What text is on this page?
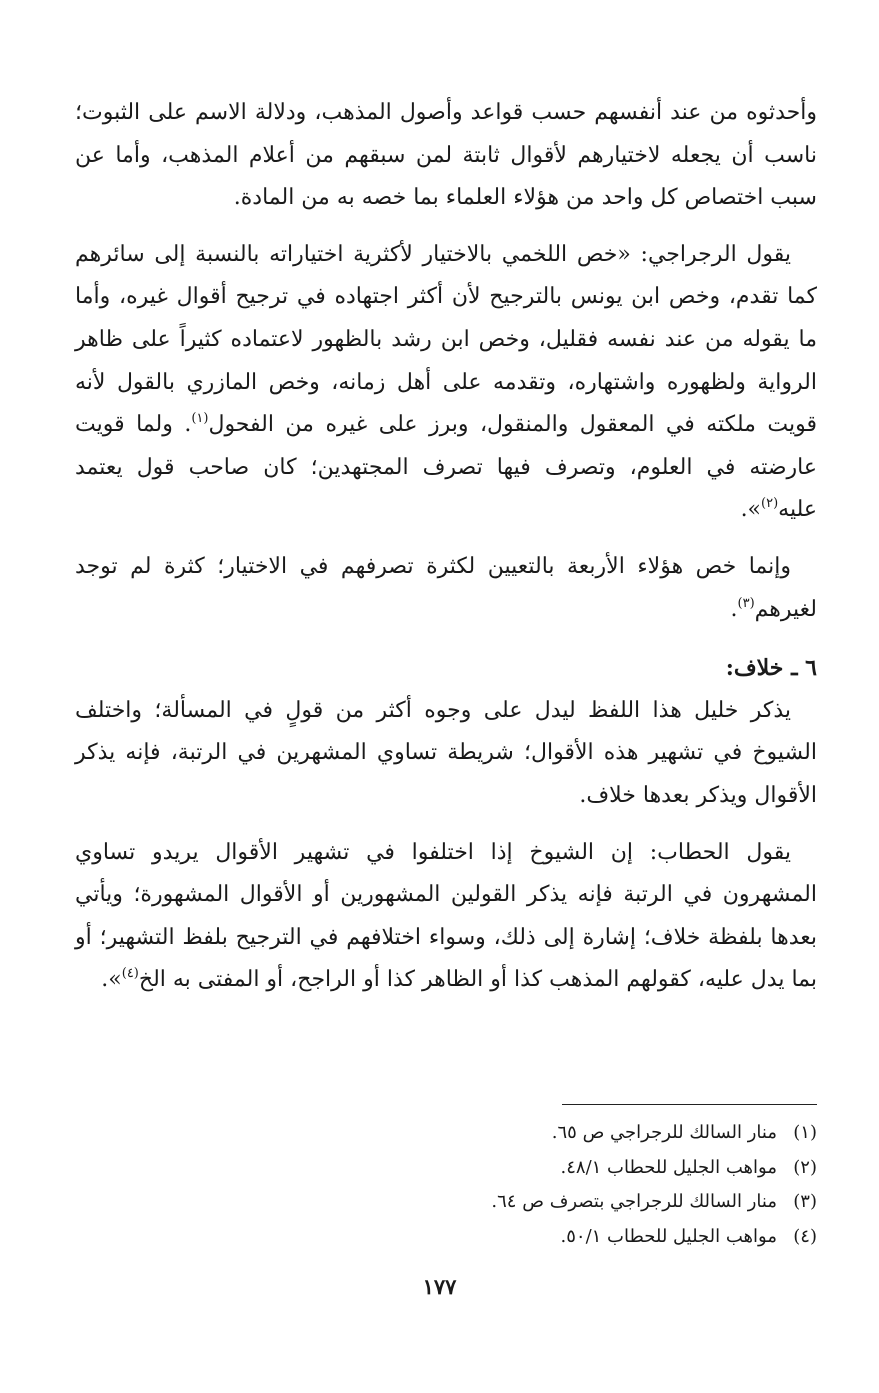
وأحدثوه من عند أنفسهم حسب قواعد وأصول المذهب، ودلالة الاسم على الثبوت؛ ناسب أن يجعله لاختيارهم لأقوال ثابتة لمن سبقهم من أعلام المذهب، وأما عن سبب اختصاص كل واحد من هؤلاء العلماء بما خصه به من المادة.

يقول الرجراجي: «خص اللخمي بالاختيار لأكثرية اختياراته بالنسبة إلى سائرهم كما تقدم، وخص ابن يونس بالترجيح لأن أكثر اجتهاده في ترجيح أقوال غيره، وأما ما يقوله من عند نفسه فقليل، وخص ابن رشد بالظهور لاعتماده كثيراً على ظاهر الرواية ولظهوره واشتهاره، وتقدمه على أهل زمانه، وخص المازري بالقول لأنه قويت ملكته في المعقول والمنقول، وبرز على غيره من الفحول$^{(١)}$. ولما قويت عارضته في العلوم، وتصرف فيها تصرف المجتهدين؛ كان صاحب قول يعتمد عليه$^{(٢)}$».

وإنما خص هؤلاء الأربعة بالتعيين لكثرة تصرفهم في الاختيار؛ كثرة لم توجد لغيرهم$^{(٣)}$.

٦ ـ خلاف:

يذكر خليل هذا اللفظ ليدل على وجوه أكثر من قولٍ في المسألة؛ واختلف الشيوخ في تشهير هذه الأقوال؛ شريطة تساوي المشهرين في الرتبة، فإنه يذكر الأقوال ويذكر بعدها خلاف.

يقول الحطاب: إن الشيوخ إذا اختلفوا في تشهير الأقوال يريدو تساوي المشهرون في الرتبة فإنه يذكر القولين المشهورين أو الأقوال المشهورة؛ ويأتي بعدها بلفظة خلاف؛ إشارة إلى ذلك، وسواء اختلافهم في الترجيح بلفظ التشهير؛ أو بما يدل عليه، كقولهم المذهب كذا أو الظاهر كذا أو الراجح، أو المفتى به الخ$^{(٤)}$».

(١)منار السالك للرجراجي ص ٦٥.
(٢)مواهب الجليل للحطاب ٤٨/١.
(٣)منار السالك للرجراجي بتصرف ص ٦٤.
(٤)مواهب الجليل للحطاب ٥٠/١.
١٧٧
